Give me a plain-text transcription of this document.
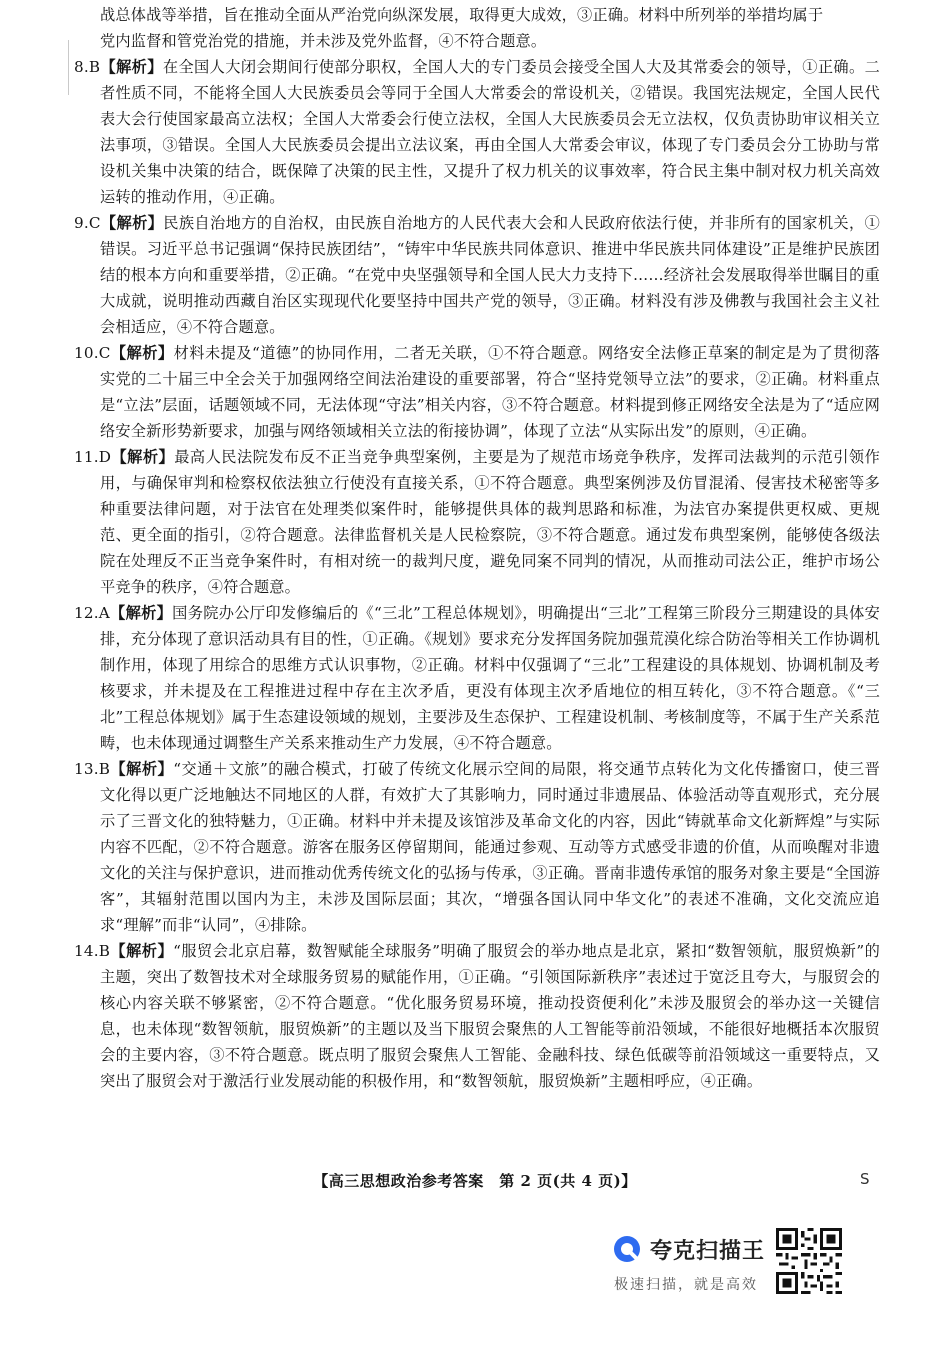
战总体战等举措，旨在推动全面从严治党向纵深发展，取得更大成效，③正确。材料中所列举的举措均属于

党内监督和管党治党的措施，并未涉及党外监督，④不符合题意。

8.B【解析】在全国人大闭会期间行使部分职权，全国人大的专门委员会接受全国人大及其常委会的领导，①正确。二者性质不同，不能将全国人大民族委员会等同于全国人大常委会的常设机关，②错误。我国宪法规定，全国人民代表大会行使国家最高立法权；全国人大常委会行使立法权，全国人大民族委员会无立法权，仅负责协助审议相关立法事项，③错误。全国人大民族委员会提出立法议案，再由全国人大常委会审议，体现了专门委员会分工协助与常设机关集中决策的结合，既保障了决策的民主性，又提升了权力机关的议事效率，符合民主集中制对权力机关高效运转的推动作用，④正确。

9.C【解析】民族自治地方的自治权，由民族自治地方的人民代表大会和人民政府依法行使，并非所有的国家机关，①错误。习近平总书记强调“保持民族团结”，“铸牢中华民族共同体意识、推进中华民族共同体建设”正是维护民族团结的根本方向和重要举措，②正确。“在党中央坚强领导和全国人民大力支持下……经济社会发展取得举世瞩目的重大成就，说明推动西藏自治区实现现代化要坚持中国共产党的领导，③正确。材料没有涉及佛教与我国社会主义社会相适应，④不符合题意。

10.C【解析】材料未提及“道德”的协同作用，二者无关联，①不符合题意。网络安全法修正草案的制定是为了贯彻落实党的二十届三中全会关于加强网络空间法治建设的重要部署，符合“坚持党领导立法”的要求，②正确。材料重点是“立法”层面，话题领域不同，无法体现“守法”相关内容，③不符合题意。材料提到修正网络安全法是为了“适应网络安全新形势新要求，加强与网络领域相关立法的衔接协调”，体现了立法“从实际出发”的原则，④正确。

11.D【解析】最高人民法院发布反不正当竞争典型案例，主要是为了规范市场竞争秩序，发挥司法裁判的示范引领作用，与确保审判和检察权依法独立行使没有直接关系，①不符合题意。典型案例涉及仿冒混淆、侵害技术秘密等多种重要法律问题，对于法官在处理类似案件时，能够提供具体的裁判思路和标准，为法官办案提供更权威、更规范、更全面的指引，②符合题意。法律监督机关是人民检察院，③不符合题意。通过发布典型案例，能够使各级法院在处理反不正当竞争案件时，有相对统一的裁判尺度，避免同案不同判的情况，从而推动司法公正，维护市场公平竞争的秩序，④符合题意。

12.A【解析】国务院办公厅印发修编后的《“三北”工程总体规划》，明确提出“三北”工程第三阶段分三期建设的具体安排，充分体现了意识活动具有目的性，①正确。《规划》要求充分发挥国务院加强荒漠化综合防治等相关工作协调机制作用，体现了用综合的思维方式认识事物，②正确。材料中仅强调了“三北”工程建设的具体规划、协调机制及考核要求，并未提及在工程推进过程中存在主次矛盾，更没有体现主次矛盾地位的相互转化，③不符合题意。《“三北”工程总体规划》属于生态建设领域的规划，主要涉及生态保护、工程建设机制、考核制度等，不属于生产关系范畴，也未体现通过调整生产关系来推动生产力发展，④不符合题意。

13.B【解析】“交通＋文旅”的融合模式，打破了传统文化展示空间的局限，将交通节点转化为文化传播窗口，使三晋文化得以更广泛地触达不同地区的人群，有效扩大了其影响力，同时通过非遗展品、体验活动等直观形式，充分展示了三晋文化的独特魅力，①正确。材料中并未提及该馆涉及革命文化的内容，因此“铸就革命文化新辉煌”与实际内容不匹配，②不符合题意。游客在服务区停留期间，能通过参观、互动等方式感受非遗的价值，从而唤醒对非遗文化的关注与保护意识，进而推动优秀传统文化的弘扬与传承，③正确。晋南非遗传承馆的服务对象主要是“全国游客”，其辐射范围以国内为主，未涉及国际层面；其次，“增强各国认同中华文化”的表述不准确，文化交流应追求“理解”而非“认同”，④排除。

14.B【解析】“服贸会北京启幕，数智赋能全球服务”明确了服贸会的举办地点是北京，紧扣“数智领航，服贸焕新”的主题，突出了数智技术对全球服务贸易的赋能作用，①正确。“引领国际新秩序”表述过于宽泛且夸大，与服贸会的核心内容关联不够紧密，②不符合题意。“优化服务贸易环境，推动投资便利化”未涉及服贸会的举办这一关键信息，也未体现“数智领航，服贸焕新”的主题以及当下服贸会聚焦的人工智能等前沿领域，不能很好地概括本次服贸会的主要内容，③不符合题意。既点明了服贸会聚焦人工智能、金融科技、绿色低碳等前沿领域这一重要特点，又突出了服贸会对于激活行业发展动能的积极作用，和“数智领航，服贸焕新”主题相呼应，④正确。

【高三思想政治参考答案　第 2 页(共 4 页)】	S
夸克扫描王
极速扫描，就是高效
